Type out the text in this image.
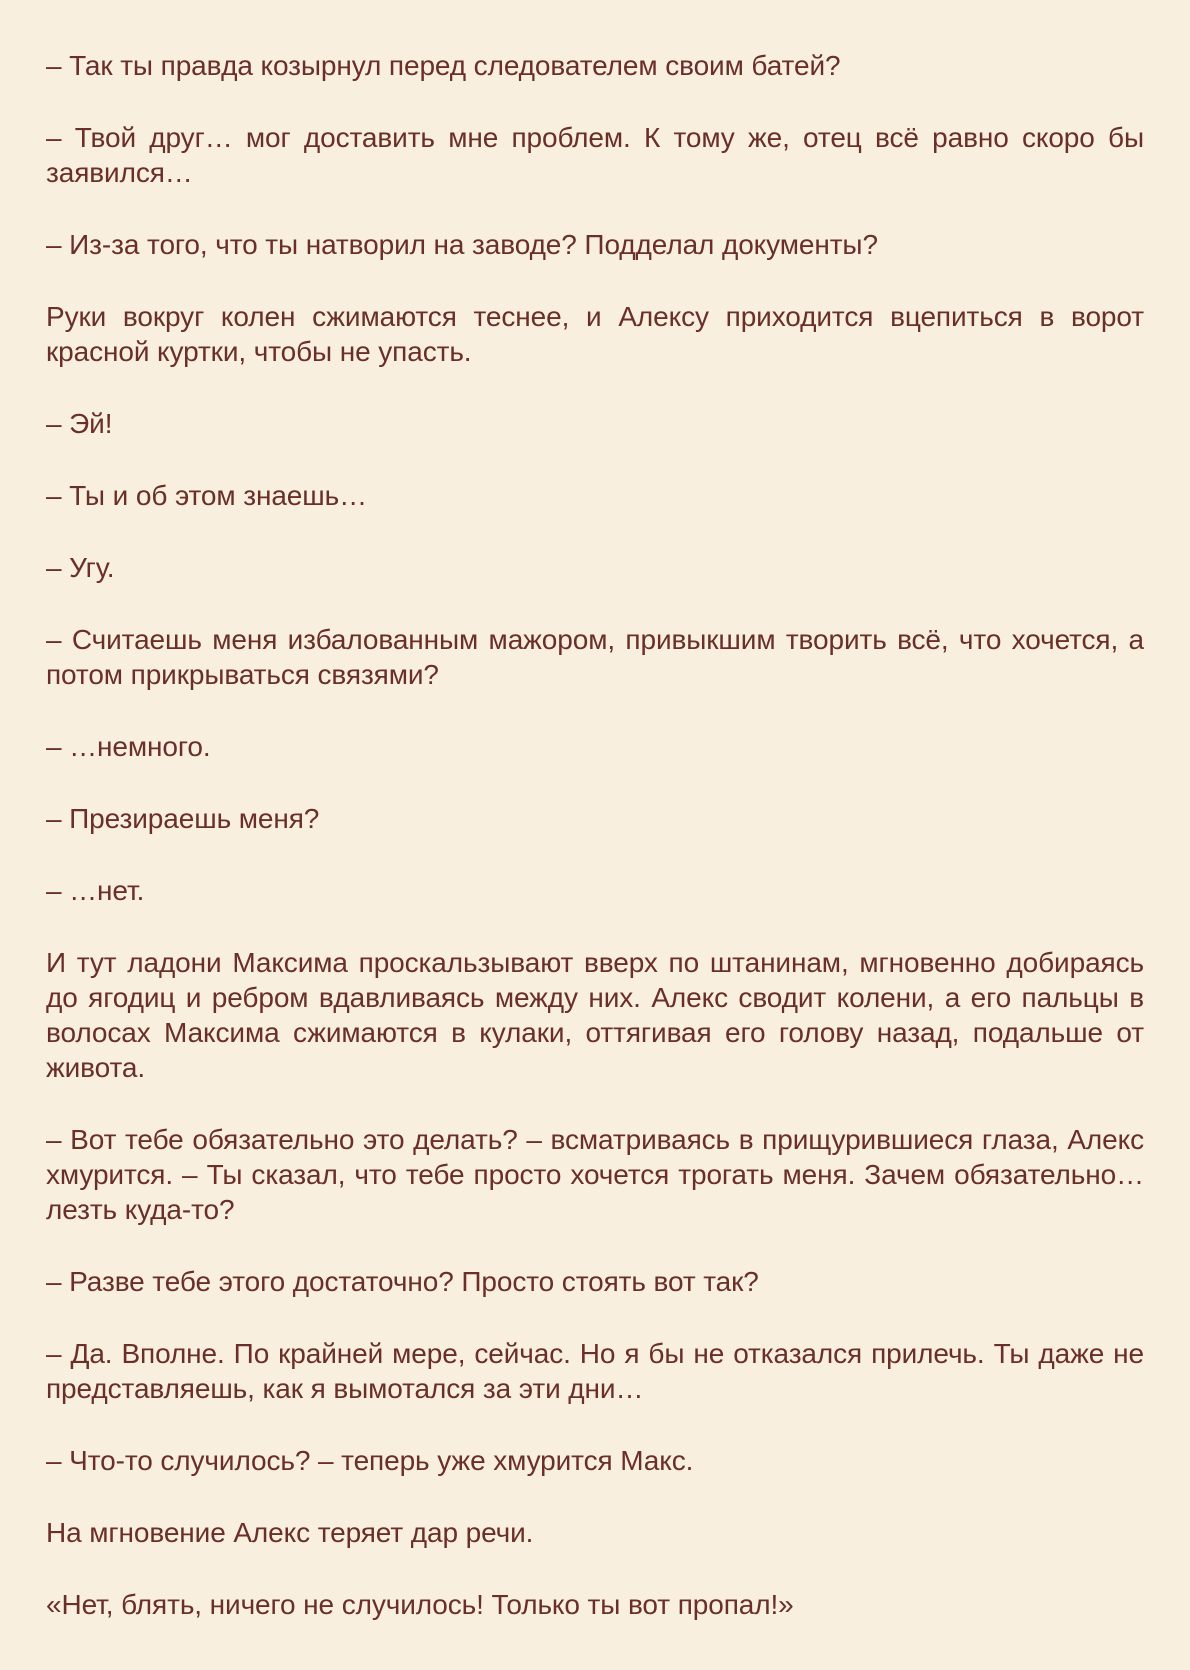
– Так ты правда козырнул перед следователем своим батей?

– Твой друг… мог доставить мне проблем. К тому же, отец всё равно скоро бы заявился…

– Из-за того, что ты натворил на заводе? Подделал документы?

Руки вокруг колен сжимаются теснее, и Алексу приходится вцепиться в ворот красной куртки, чтобы не упасть.

– Эй!

– Ты и об этом знаешь…

– Угу.

– Считаешь меня избалованным мажором, привыкшим творить всё, что хочется, а потом прикрываться связями?

– …немного.

– Презираешь меня?

– …нет.

И тут ладони Максима проскальзывают вверх по штанинам, мгновенно добираясь до ягодиц и ребром вдавливаясь между них. Алекс сводит колени, а его пальцы в волосах Максима сжимаются в кулаки, оттягивая его голову назад, подальше от живота.

– Вот тебе обязательно это делать? – всматриваясь в прищурившиеся глаза, Алекс хмурится. – Ты сказал, что тебе просто хочется трогать меня. Зачем обязательно… лезть куда-то?

– Разве тебе этого достаточно? Просто стоять вот так?

– Да. Вполне. По крайней мере, сейчас. Но я бы не отказался прилечь. Ты даже не представляешь, как я вымотался за эти дни…

– Что-то случилось? – теперь уже хмурится Макс.

На мгновение Алекс теряет дар речи.

«Нет, блять, ничего не случилось! Только ты вот пропал!»
